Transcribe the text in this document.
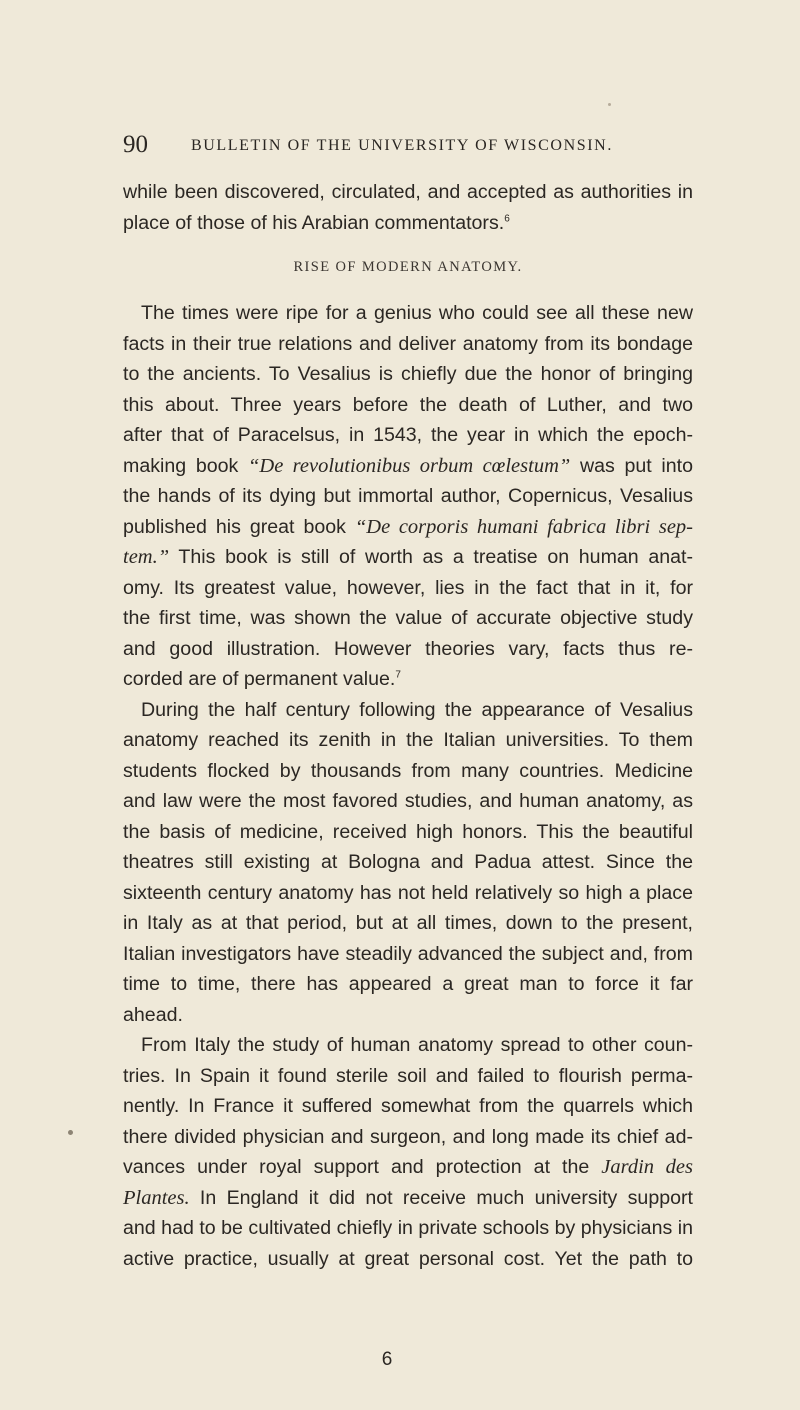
90	BULLETIN OF THE UNIVERSITY OF WISCONSIN.
while been discovered, circulated, and accepted as authorities in
place of those of his Arabian commentators.$^6$
RISE OF MODERN ANATOMY.
The times were ripe for a genius who could see all these new
facts in their true relations and deliver anatomy from its bondage
to the ancients. To Vesalius is chiefly due the honor of bringing
this about. Three years before the death of Luther, and two
after that of Paracelsus, in 1543, the year in which the epoch-
making book “De revolutionibus orbum cœlestum” was put into
the hands of its dying but immortal author, Copernicus, Vesalius
published his great book “De corporis humani fabrica libri sep-
tem.” This book is still of worth as a treatise on human anat-
omy. Its greatest value, however, lies in the fact that in it, for
the first time, was shown the value of accurate objective study
and good illustration. However theories vary, facts thus re-
corded are of permanent value.$^7$
During the half century following the appearance of Vesalius
anatomy reached its zenith in the Italian universities. To them
students flocked by thousands from many countries. Medicine
and law were the most favored studies, and human anatomy, as
the basis of medicine, received high honors. This the beautiful
theatres still existing at Bologna and Padua attest. Since the
sixteenth century anatomy has not held relatively so high a place
in Italy as at that period, but at all times, down to the present,
Italian investigators have steadily advanced the subject and, from
time to time, there has appeared a great man to force it far
ahead.
From Italy the study of human anatomy spread to other coun-
tries. In Spain it found sterile soil and failed to flourish perma-
nently. In France it suffered somewhat from the quarrels which
there divided physician and surgeon, and long made its chief ad-
vances under royal support and protection at the Jardin des
Plantes. In England it did not receive much university support
and had to be cultivated chiefly in private schools by physicians in
active practice, usually at great personal cost. Yet the path to
6
